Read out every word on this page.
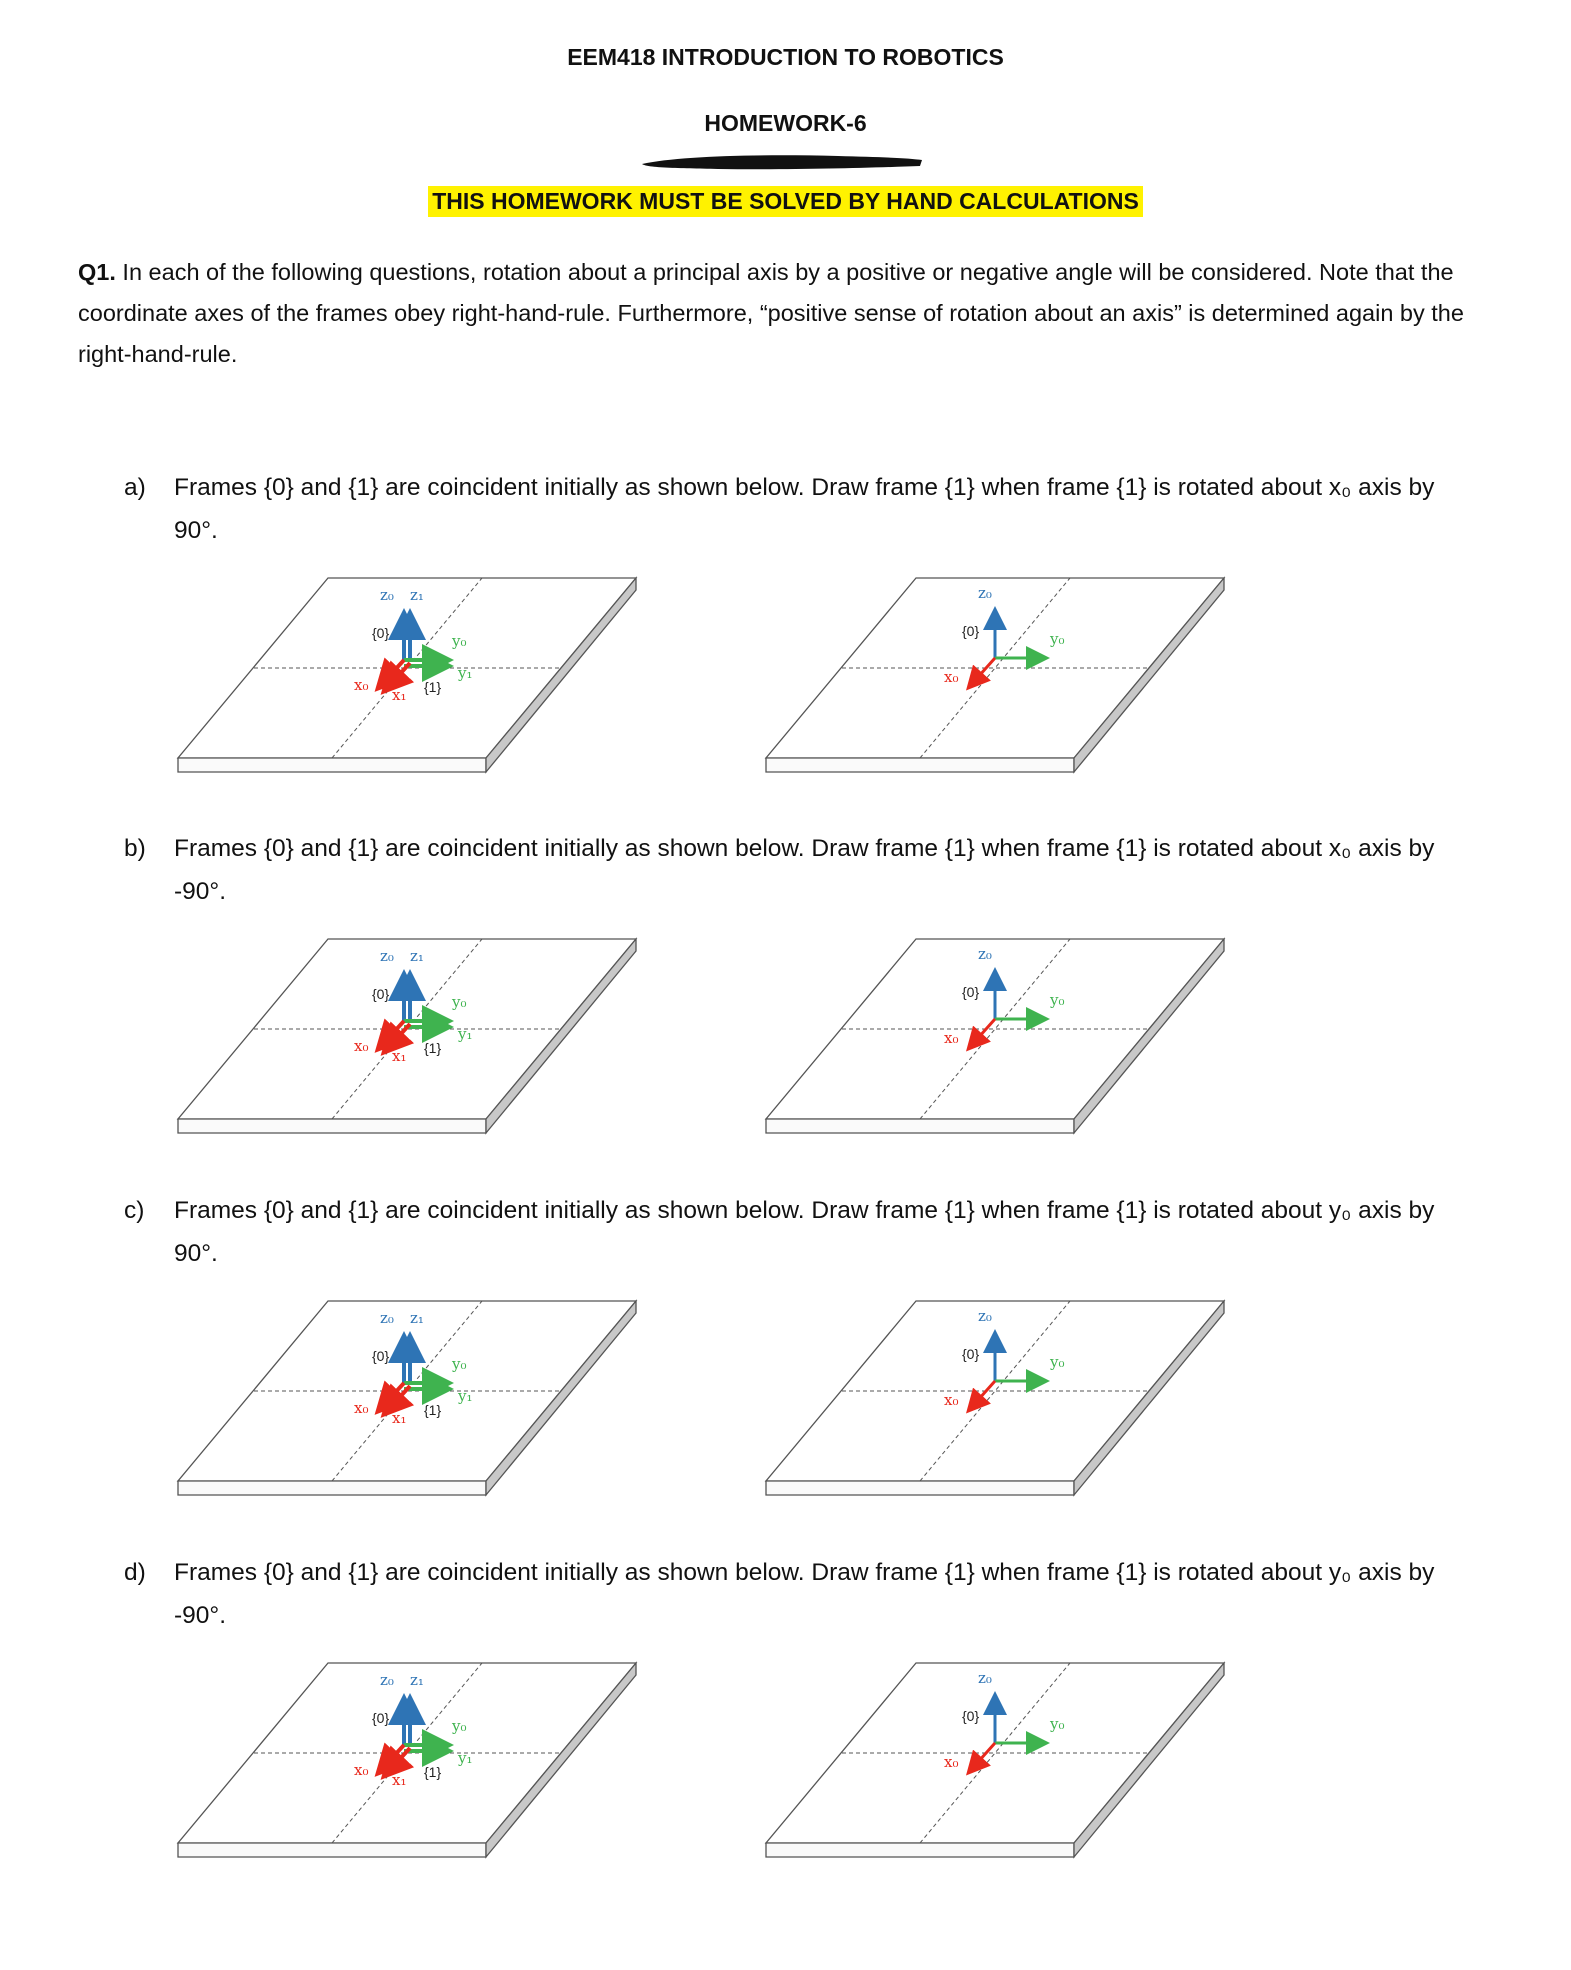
EEM418 INTRODUCTION TO ROBOTICS
HOMEWORK-6
THIS HOMEWORK MUST BE SOLVED BY HAND CALCULATIONS
Q1. In each of the following questions, rotation about a principal axis by a positive or negative angle will be considered. Note that the coordinate axes of the frames obey right-hand-rule. Furthermore, “positive sense of rotation about an axis” is determined again by the right-hand-rule.
a) Frames {0} and {1} are coincident initially as shown below. Draw frame {1} when frame {1} is rotated about x₀ axis by 90°.
z₀ z₁
{0}	y₀
y₁
x₀
x₁ {1}
z₀
{0}	y₀
x₀
b) Frames {0} and {1} are coincident initially as shown below. Draw frame {1} when frame {1} is rotated about x₀ axis by -90°.
z₀ z₁
{0}	y₀
y₁
x₀
x₁ {1}
z₀
{0}	y₀
x₀
c) Frames {0} and {1} are coincident initially as shown below. Draw frame {1} when frame {1} is rotated about y₀ axis by 90°.
z₀ z₁
{0}	y₀
y₁
x₀
x₁ {1}
z₀
{0}	y₀
x₀
d) Frames {0} and {1} are coincident initially as shown below. Draw frame {1} when frame {1} is rotated about y₀ axis by -90°.
z₀ z₁
{0}	y₀
y₁
x₀
x₁ {1}
z₀
{0}	y₀
x₀
